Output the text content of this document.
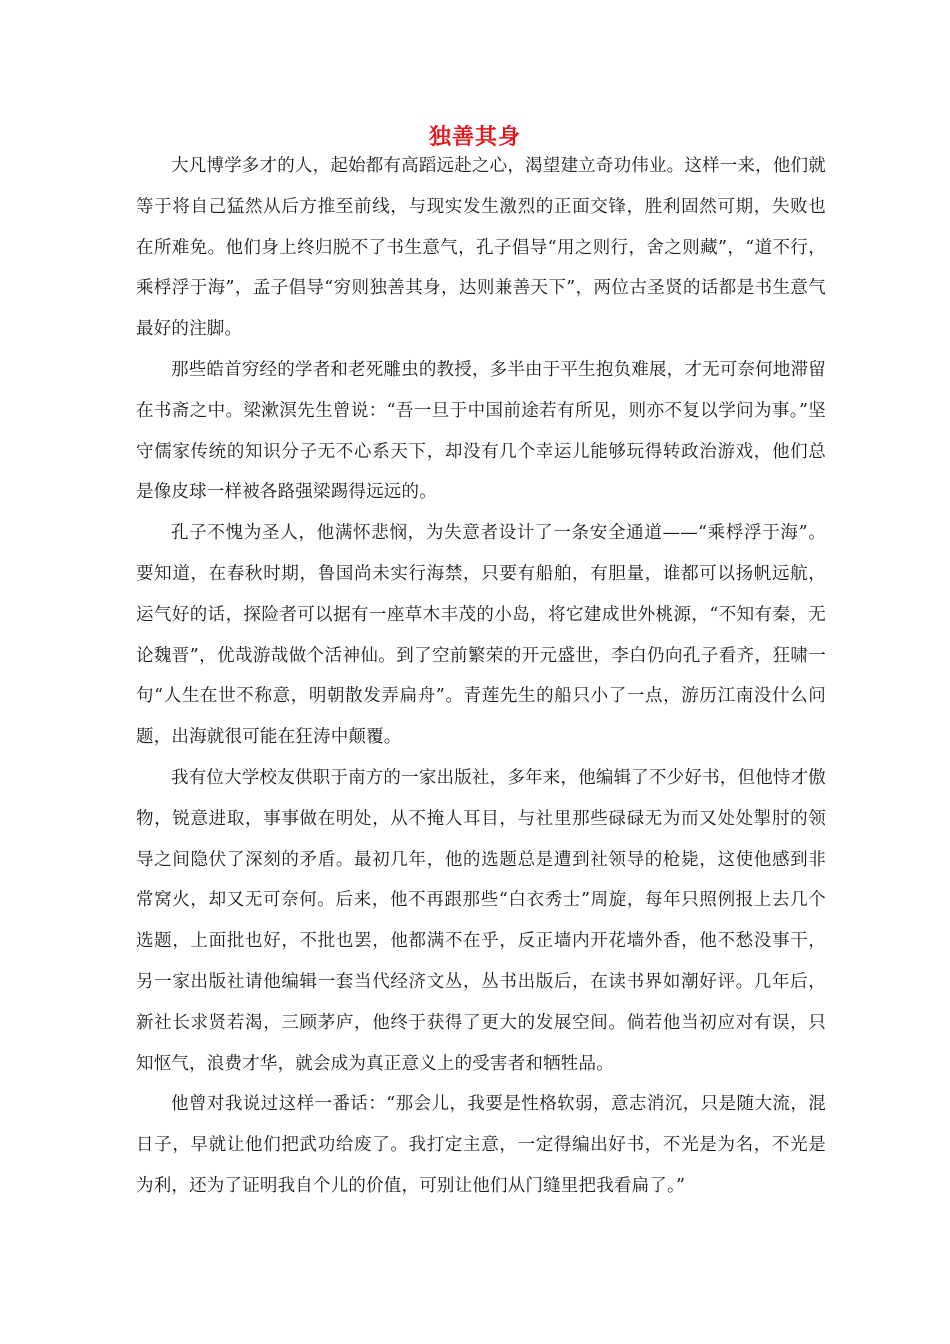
独善其身

大凡博学多才的人，起始都有高蹈远赴之心，渴望建立奇功伟业。这样一来，他们就等于将自己猛然从后方推至前线，与现实发生激烈的正面交锋，胜利固然可期，失败也在所难免。他们身上终归脱不了书生意气，孔子倡导“用之则行，舍之则藏”，“道不行，乘桴浮于海”，孟子倡导“穷则独善其身，达则兼善天下”，两位古圣贤的话都是书生意气最好的注脚。

那些皓首穷经的学者和老死雕虫的教授，多半由于平生抱负难展，才无可奈何地滞留在书斋之中。梁漱溟先生曾说：“吾一旦于中国前途若有所见，则亦不复以学问为事。”坚守儒家传统的知识分子无不心系天下，却没有几个幸运儿能够玩得转政治游戏，他们总是像皮球一样被各路强梁踢得远远的。

孔子不愧为圣人，他满怀悲悯，为失意者设计了一条安全通道——“乘桴浮于海”。要知道，在春秋时期，鲁国尚未实行海禁，只要有船舶，有胆量，谁都可以扬帆远航，运气好的话，探险者可以据有一座草木丰茂的小岛，将它建成世外桃源，“不知有秦，无论魏晋”，优哉游哉做个活神仙。到了空前繁荣的开元盛世，李白仍向孔子看齐，狂啸一句“人生在世不称意，明朝散发弄扁舟”。青莲先生的船只小了一点，游历江南没什么问题，出海就很可能在狂涛中颠覆。

我有位大学校友供职于南方的一家出版社，多年来，他编辑了不少好书，但他恃才傲物，锐意进取，事事做在明处，从不掩人耳目，与社里那些碌碌无为而又处处掣肘的领导之间隐伏了深刻的矛盾。最初几年，他的选题总是遭到社领导的枪毙，这使他感到非常窝火，却又无可奈何。后来，他不再跟那些“白衣秀士”周旋，每年只照例报上去几个选题，上面批也好，不批也罢，他都满不在乎，反正墙内开花墙外香，他不愁没事干，另一家出版社请他编辑一套当代经济文丛，丛书出版后，在读书界如潮好评。几年后，新社长求贤若渴，三顾茅庐，他终于获得了更大的发展空间。倘若他当初应对有误，只知怄气，浪费才华，就会成为真正意义上的受害者和牺牲品。

他曾对我说过这样一番话：“那会儿，我要是性格软弱，意志消沉，只是随大流，混日子，早就让他们把武功给废了。我打定主意，一定得编出好书，不光是为名，不光是为利，还为了证明我自个儿的价值，可别让他们从门缝里把我看扁了。”
